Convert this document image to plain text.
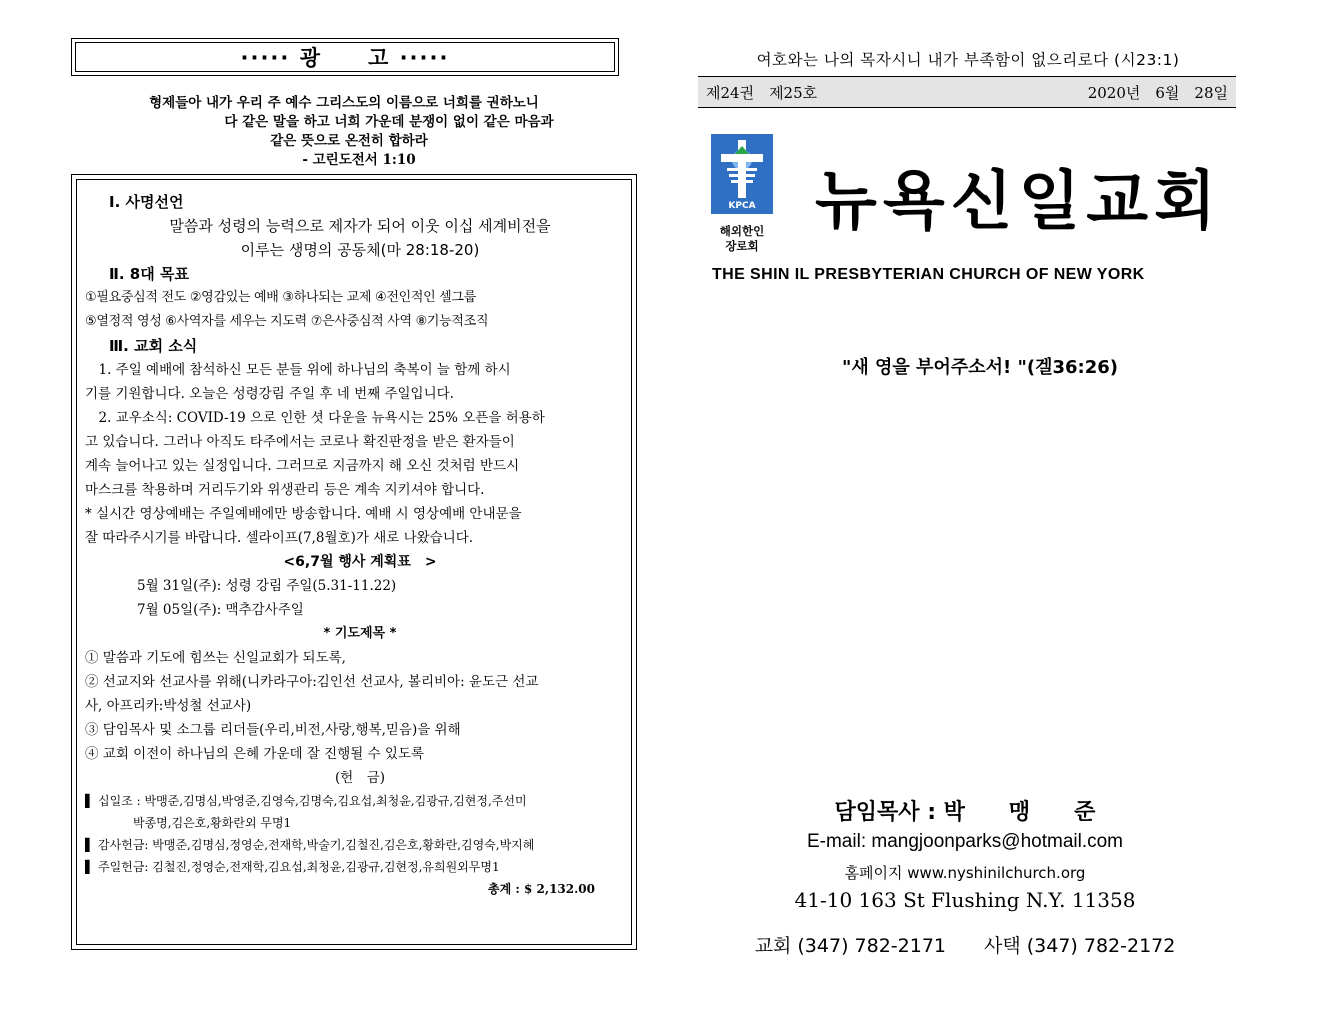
····· 광　　고 ·····
형제들아 내가 우리 주 예수 그리스도의 이름으로 너희를 권하노니
다 같은 말을 하고 너희 가운데 분쟁이 없이 같은 마음과
같은 뜻으로 온전히 합하라
- 고린도전서 1:10
Ⅰ. 사명선언
말씀과 성령의 능력으로 제자가 되어 이웃 이십 세계비전을
이루는 생명의 공동체(마 28:18-20)
Ⅱ. 8대 목표
①필요중심적 전도 ②영감있는 예배 ③하나되는 교제 ④전인적인 셀그룹
⑤열정적 영성 ⑥사역자를 세우는 지도력 ⑦은사중심적 사역 ⑧기능적조직
Ⅲ. 교회 소식
　1. 주일 예배에 참석하신 모든 분들 위에 하나님의 축복이 늘 함께 하시
기를 기원합니다. 오늘은 성령강림 주일 후 네 번째 주일입니다.
　2. 교우소식: COVID-19 으로 인한 셧 다운을 뉴욕시는 25% 오픈을 허용하
고 있습니다. 그러나 아직도 타주에서는 코로나 확진판정을 받은 환자들이
계속 늘어나고 있는 실정입니다. 그러므로 지금까지 해 오신 것처럼 반드시
마스크를 착용하며 거리두기와 위생관리 등은 계속 지키셔야 합니다.
* 실시간 영상예배는 주일예배에만 방송합니다. 예배 시 영상예배 안내문을
잘 따라주시기를 바랍니다. 셀라이프(7,8월호)가 새로 나왔습니다.
<6,7월 행사 계획표　>
5월 31일(주): 성령 강림 주일(5.31-11.22)
7월 05일(주): 맥추감사주일
* 기도제목 *
① 말씀과 기도에 힘쓰는 신일교회가 되도록,
② 선교지와 선교사를 위해(니카라구아:김인선 선교사, 볼리비아: 윤도근 선교
사, 아프리카:박성철 선교사)
③ 담임목사 및 소그룹 리더들(우리,비전,사랑,행복,믿음)을 위해
④ 교회 이전이 하나님의 은혜 가운데 잘 진행될 수 있도록
(헌　금)
▌ 십일조 : 박맹준,김명심,박영준,김영숙,김명숙,김요섭,최청윤,김광규,김현정,주선미
　　　　박종명,김은호,황화란외 무명1
▌ 감사헌금: 박맹준,김명심,정영순,전재학,박술기,김철진,김은호,황화란,김영숙,박지혜
▌ 주일헌금: 김철진,정영순,전재학,김요섭,최청윤,김광규,김현정,유희원외무명1
총계 : $ 2,132.00
여호와는 나의 목자시니 내가 부족함이 없으리로다 (시23:1)
제24권　제25호	2020년　6월　28일
KPCA
해외한인
장로회
뉴욕신일교회
THE SHIN IL PRESBYTERIAN CHURCH OF NEW YORK
"새 영을 부어주소서! "(겔36:26)
담임목사 : 박　　맹　　준
E-mail: mangjoonparks@hotmail.com
홈페이지 www.nyshinilchurch.org
41-10 163 St Flushing N.Y. 11358
교회 (347) 782-2171　　사택 (347) 782-2172
